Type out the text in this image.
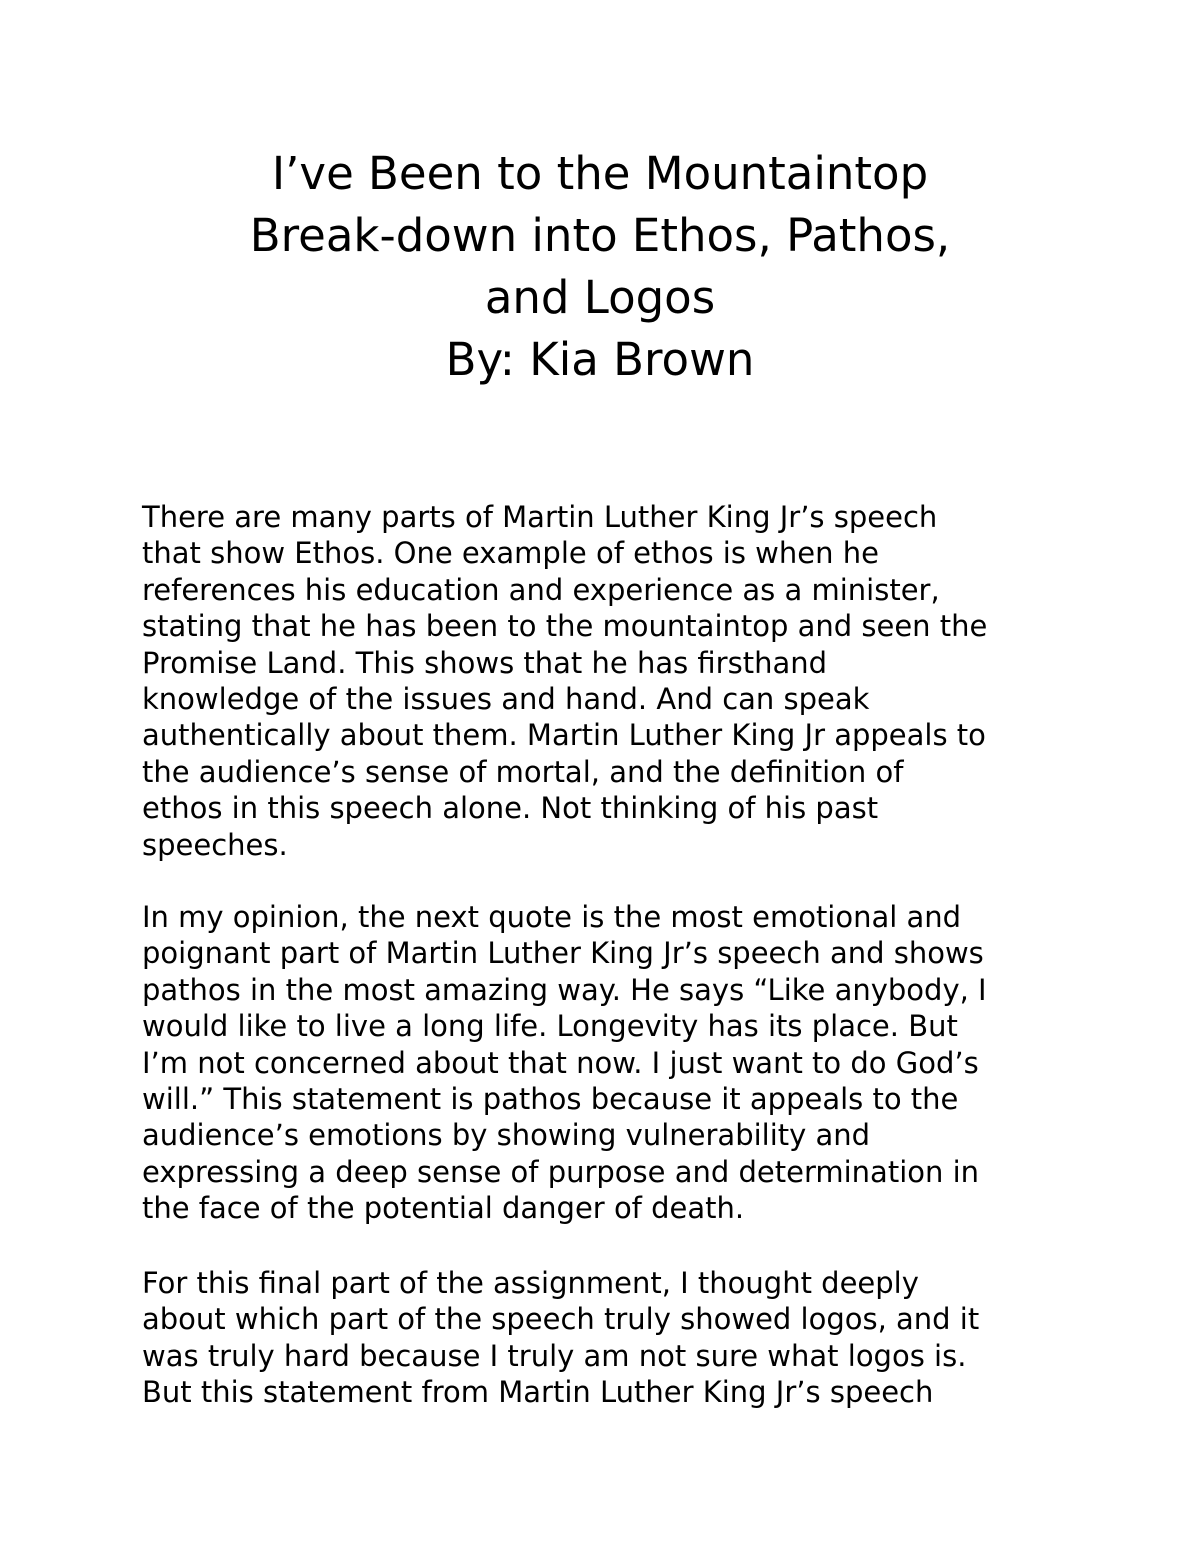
I’ve Been to the Mountaintop
Break-down into Ethos, Pathos,
and Logos
By: Kia Brown
There are many parts of Martin Luther King Jr’s speech
that show Ethos. One example of ethos is when he
references his education and experience as a minister,
stating that he has been to the mountaintop and seen the
Promise Land. This shows that he has firsthand
knowledge of the issues and hand. And can speak
authentically about them. Martin Luther King Jr appeals to
the audience’s sense of mortal, and the definition of
ethos in this speech alone. Not thinking of his past
speeches.
In my opinion, the next quote is the most emotional and
poignant part of Martin Luther King Jr’s speech and shows
pathos in the most amazing way. He says “Like anybody, I
would like to live a long life. Longevity has its place. But
I’m not concerned about that now. I just want to do God’s
will.” This statement is pathos because it appeals to the
audience’s emotions by showing vulnerability and
expressing a deep sense of purpose and determination in
the face of the potential danger of death.
For this final part of the assignment, I thought deeply
about which part of the speech truly showed logos, and it
was truly hard because I truly am not sure what logos is.
But this statement from Martin Luther King Jr’s speech
